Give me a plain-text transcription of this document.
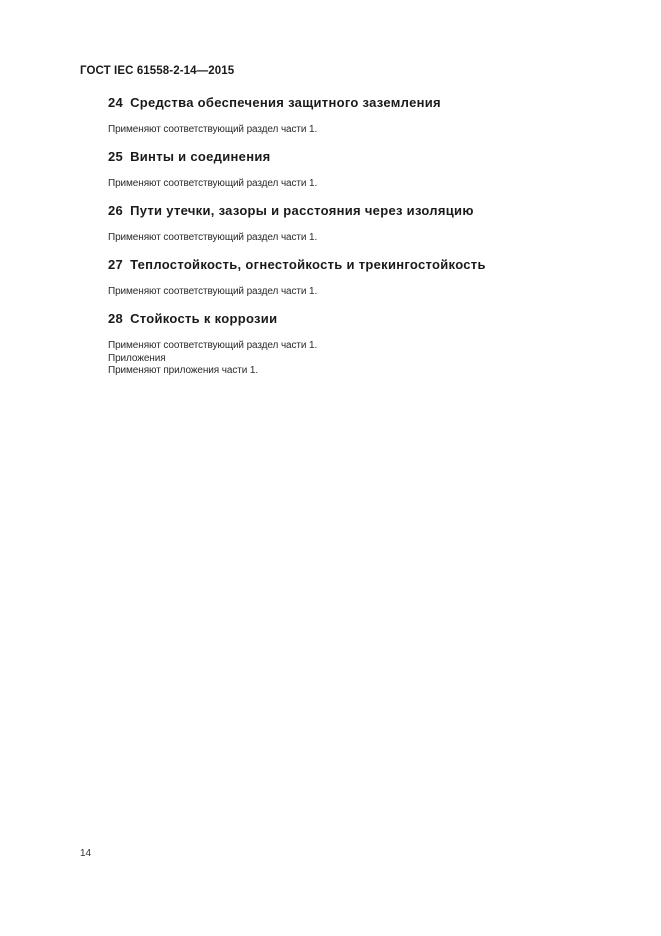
ГОСТ IEC 61558-2-14—2015
24 Средства обеспечения защитного заземления

Применяют соответствующий раздел части 1.

25 Винты и соединения

Применяют соответствующий раздел части 1.

26 Пути утечки, зазоры и расстояния через изоляцию

Применяют соответствующий раздел части 1.

27 Теплостойкость, огнестойкость и трекингостойкость

Применяют соответствующий раздел части 1.

28 Стойкость к коррозии

Применяют соответствующий раздел части 1.

Приложения

Применяют приложения части 1.

14
